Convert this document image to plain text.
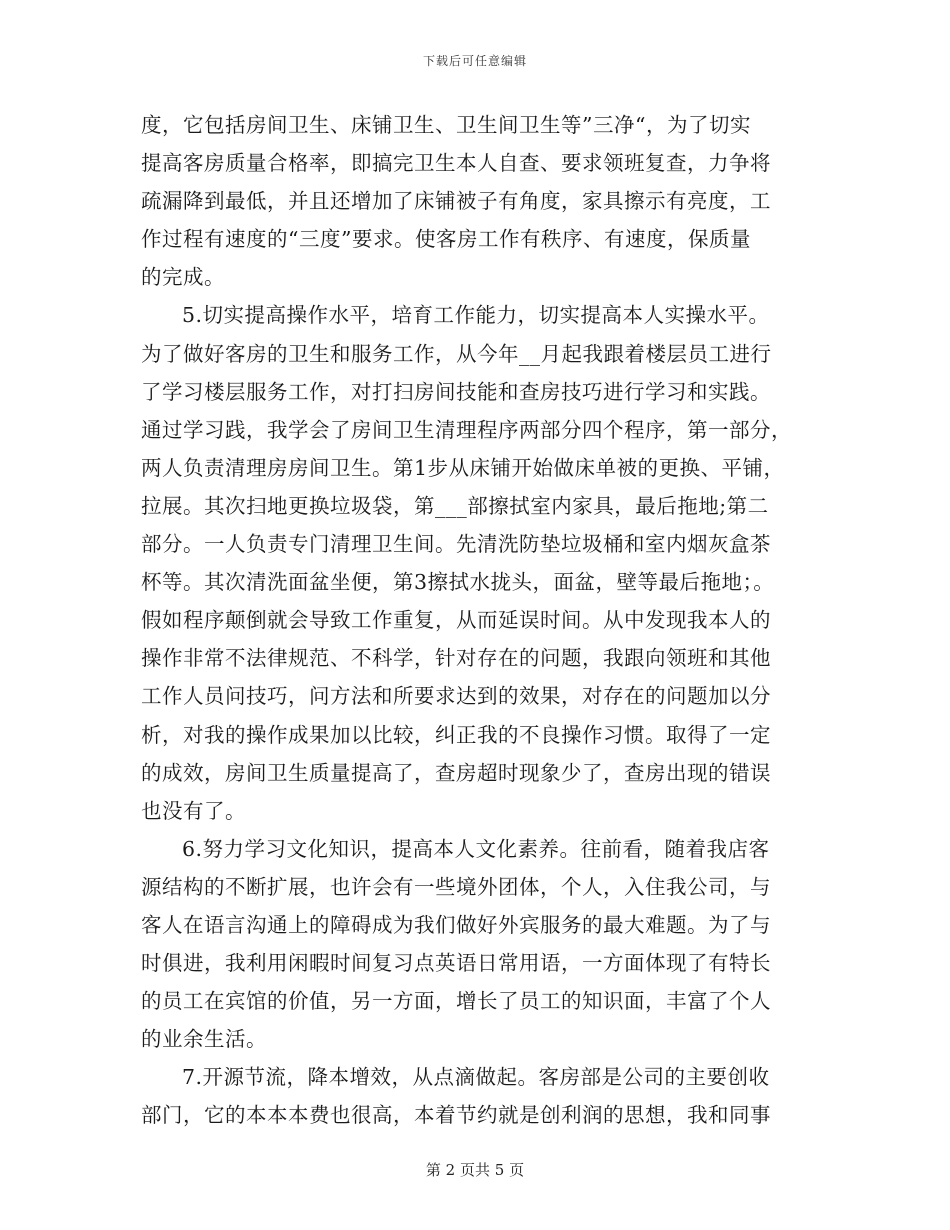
下载后可任意编辑

度，它包括房间卫生、床铺卫生、卫生间卫生等”三净“，为了切实
提高客房质量合格率，即搞完卫生本人自查、要求领班复查，力争将
疏漏降到最低，并且还增加了床铺被子有角度，家具擦示有亮度，工
作过程有速度的“三度”要求。使客房工作有秩序、有速度，保质量
的完成。

5.切实提高操作水平，培育工作能力，切实提高本人实操水平。
为了做好客房的卫生和服务工作，从今年__月起我跟着楼层员工进行
了学习楼层服务工作，对打扫房间技能和查房技巧进行学习和实践。
通过学习践，我学会了房间卫生清理程序两部分四个程序，第一部分，
两人负责清理房房间卫生。第1步从床铺开始做床单被的更换、平铺，
拉展。其次扫地更换垃圾袋，第___部擦拭室内家具，最后拖地;第二
部分。一人负责专门清理卫生间。先清洗防垫垃圾桶和室内烟灰盒茶
杯等。其次清洗面盆坐便，第3擦拭水拢头，面盆，壁等最后拖地；。
假如程序颠倒就会导致工作重复，从而延误时间。从中发现我本人的
操作非常不法律规范、不科学，针对存在的问题，我跟向领班和其他
工作人员问技巧，问方法和所要求达到的效果，对存在的问题加以分
析，对我的操作成果加以比较，纠正我的不良操作习惯。取得了一定
的成效，房间卫生质量提高了，查房超时现象少了，查房出现的错误
也没有了。

6.努力学习文化知识，提高本人文化素养。往前看，随着我店客
源结构的不断扩展，也许会有一些境外团体，个人，入住我公司，与
客人在语言沟通上的障碍成为我们做好外宾服务的最大难题。为了与
时俱进，我利用闲暇时间复习点英语日常用语，一方面体现了有特长
的员工在宾馆的价值，另一方面，增长了员工的知识面，丰富了个人
的业余生活。

7.开源节流，降本增效，从点滴做起。客房部是公司的主要创收
部门，它的本本本费也很高，本着节约就是创利润的思想，我和同事

第 2 页共 5 页
